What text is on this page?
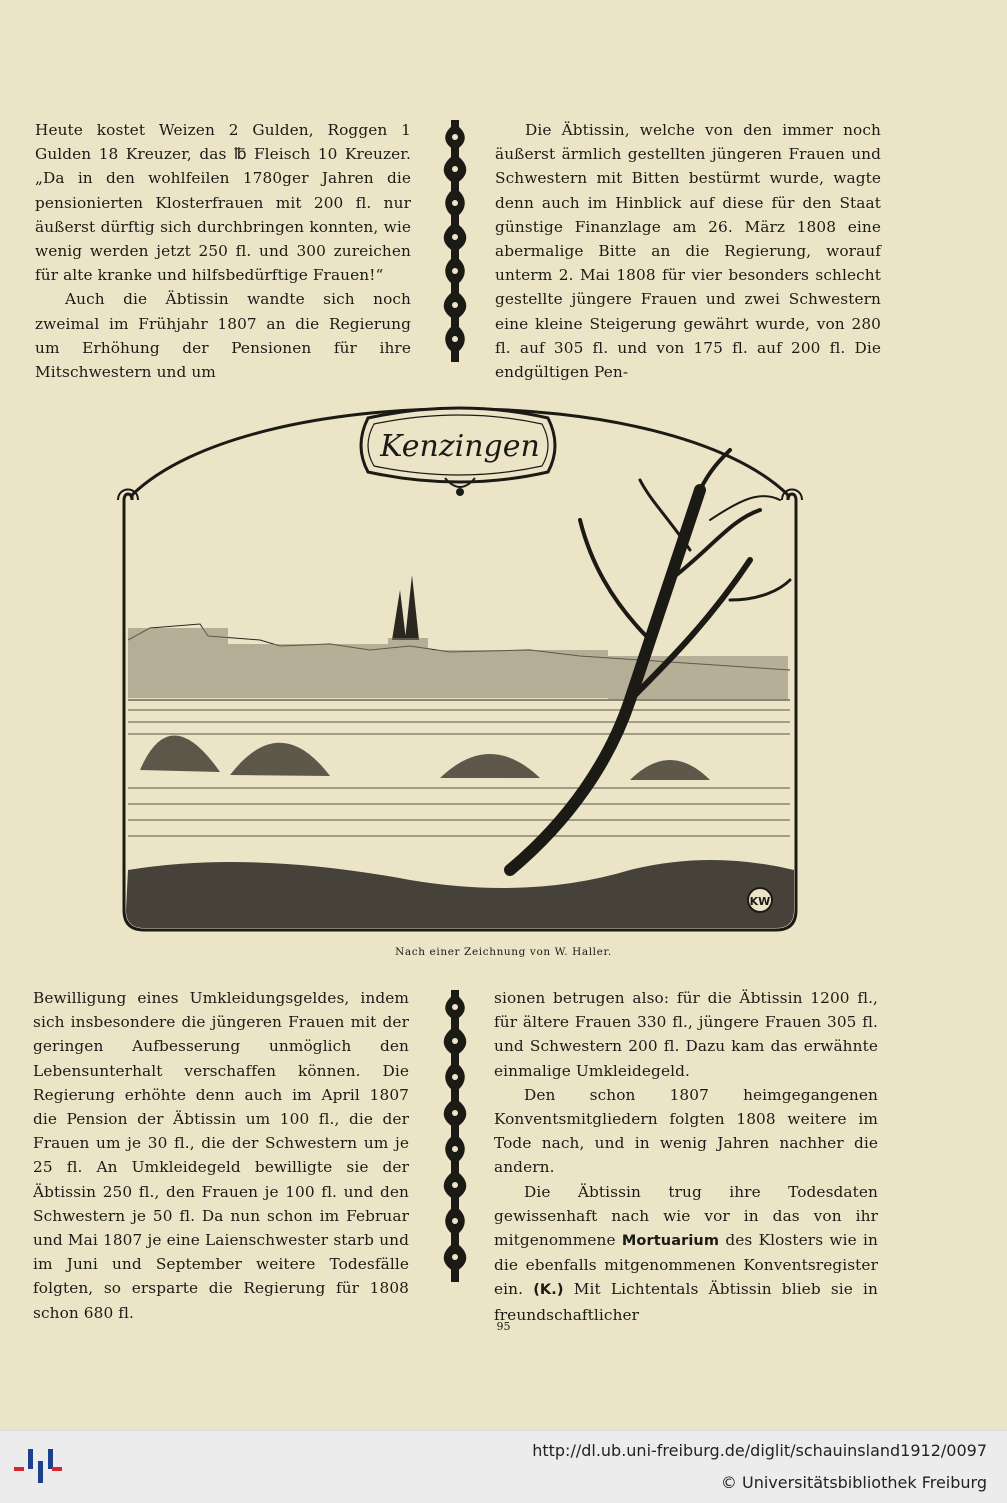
Heute kostet Weizen 2 Gulden, Roggen 1 Gulden 18 Kreuzer, das ℔ Fleisch 10 Kreuzer. „Da in den wohlfeilen 1780ger Jahren die pensionierten Klosterfrauen mit 200 fl. nur äußerst dürftig sich durchbringen konnten, wie wenig werden jetzt 250 fl. und 300 zureichen für alte kranke und hilfsbedürftige Frauen!“

Auch die Äbtissin wandte sich noch zweimal im Frühjahr 1807 an die Regierung um Erhöhung der Pensionen für ihre Mitschwestern und um

Die Äbtissin, welche von den immer noch äußerst ärmlich gestellten jüngeren Frauen und Schwestern mit Bitten bestürmt wurde, wagte denn auch im Hinblick auf diese für den Staat günstige Finanzlage am 26. März 1808 eine abermalige Bitte an die Regierung, worauf unterm 2. Mai 1808 für vier besonders schlecht gestellte jüngere Frauen und zwei Schwestern eine kleine Steigerung gewährt wurde, von 280 fl. auf 305 fl. und von 175 fl. auf 200 fl. Die endgültigen Pen-

Kenzingen
KW
Nach einer Zeichnung von W. Haller.

Bewilligung eines Umkleidungsgeldes, indem sich insbesondere die jüngeren Frauen mit der geringen Aufbesserung unmöglich den Lebensunterhalt verschaffen können. Die Regierung erhöhte denn auch im April 1807 die Pension der Äbtissin um 100 fl., die der Frauen um je 30 fl., die der Schwestern um je 25 fl. An Umkleidegeld bewilligte sie der Äbtissin 250 fl., den Frauen je 100 fl. und den Schwestern je 50 fl. Da nun schon im Februar und Mai 1807 je eine Laienschwester starb und im Juni und September weitere Todesfälle folgten, so ersparte die Regierung für 1808 schon 680 fl.

sionen betrugen also: für die Äbtissin 1200 fl., für ältere Frauen 330 fl., jüngere Frauen 305 fl. und Schwestern 200 fl. Dazu kam das erwähnte einmalige Umkleidegeld.

Den schon 1807 heimgegangenen Konventsmitgliedern folgten 1808 weitere im Tode nach, und in wenig Jahren nachher die andern.

Die Äbtissin trug ihre Todesdaten gewissenhaft nach wie vor in das von ihr mitgenommene Mortuarium des Klosters wie in die ebenfalls mitgenommenen Konventsregister ein. (K.) Mit Lichtentals Äbtissin blieb sie in freundschaftlicher

95
http://dl.ub.uni-freiburg.de/diglit/schauinsland1912/0097
© Universitätsbibliothek Freiburg
